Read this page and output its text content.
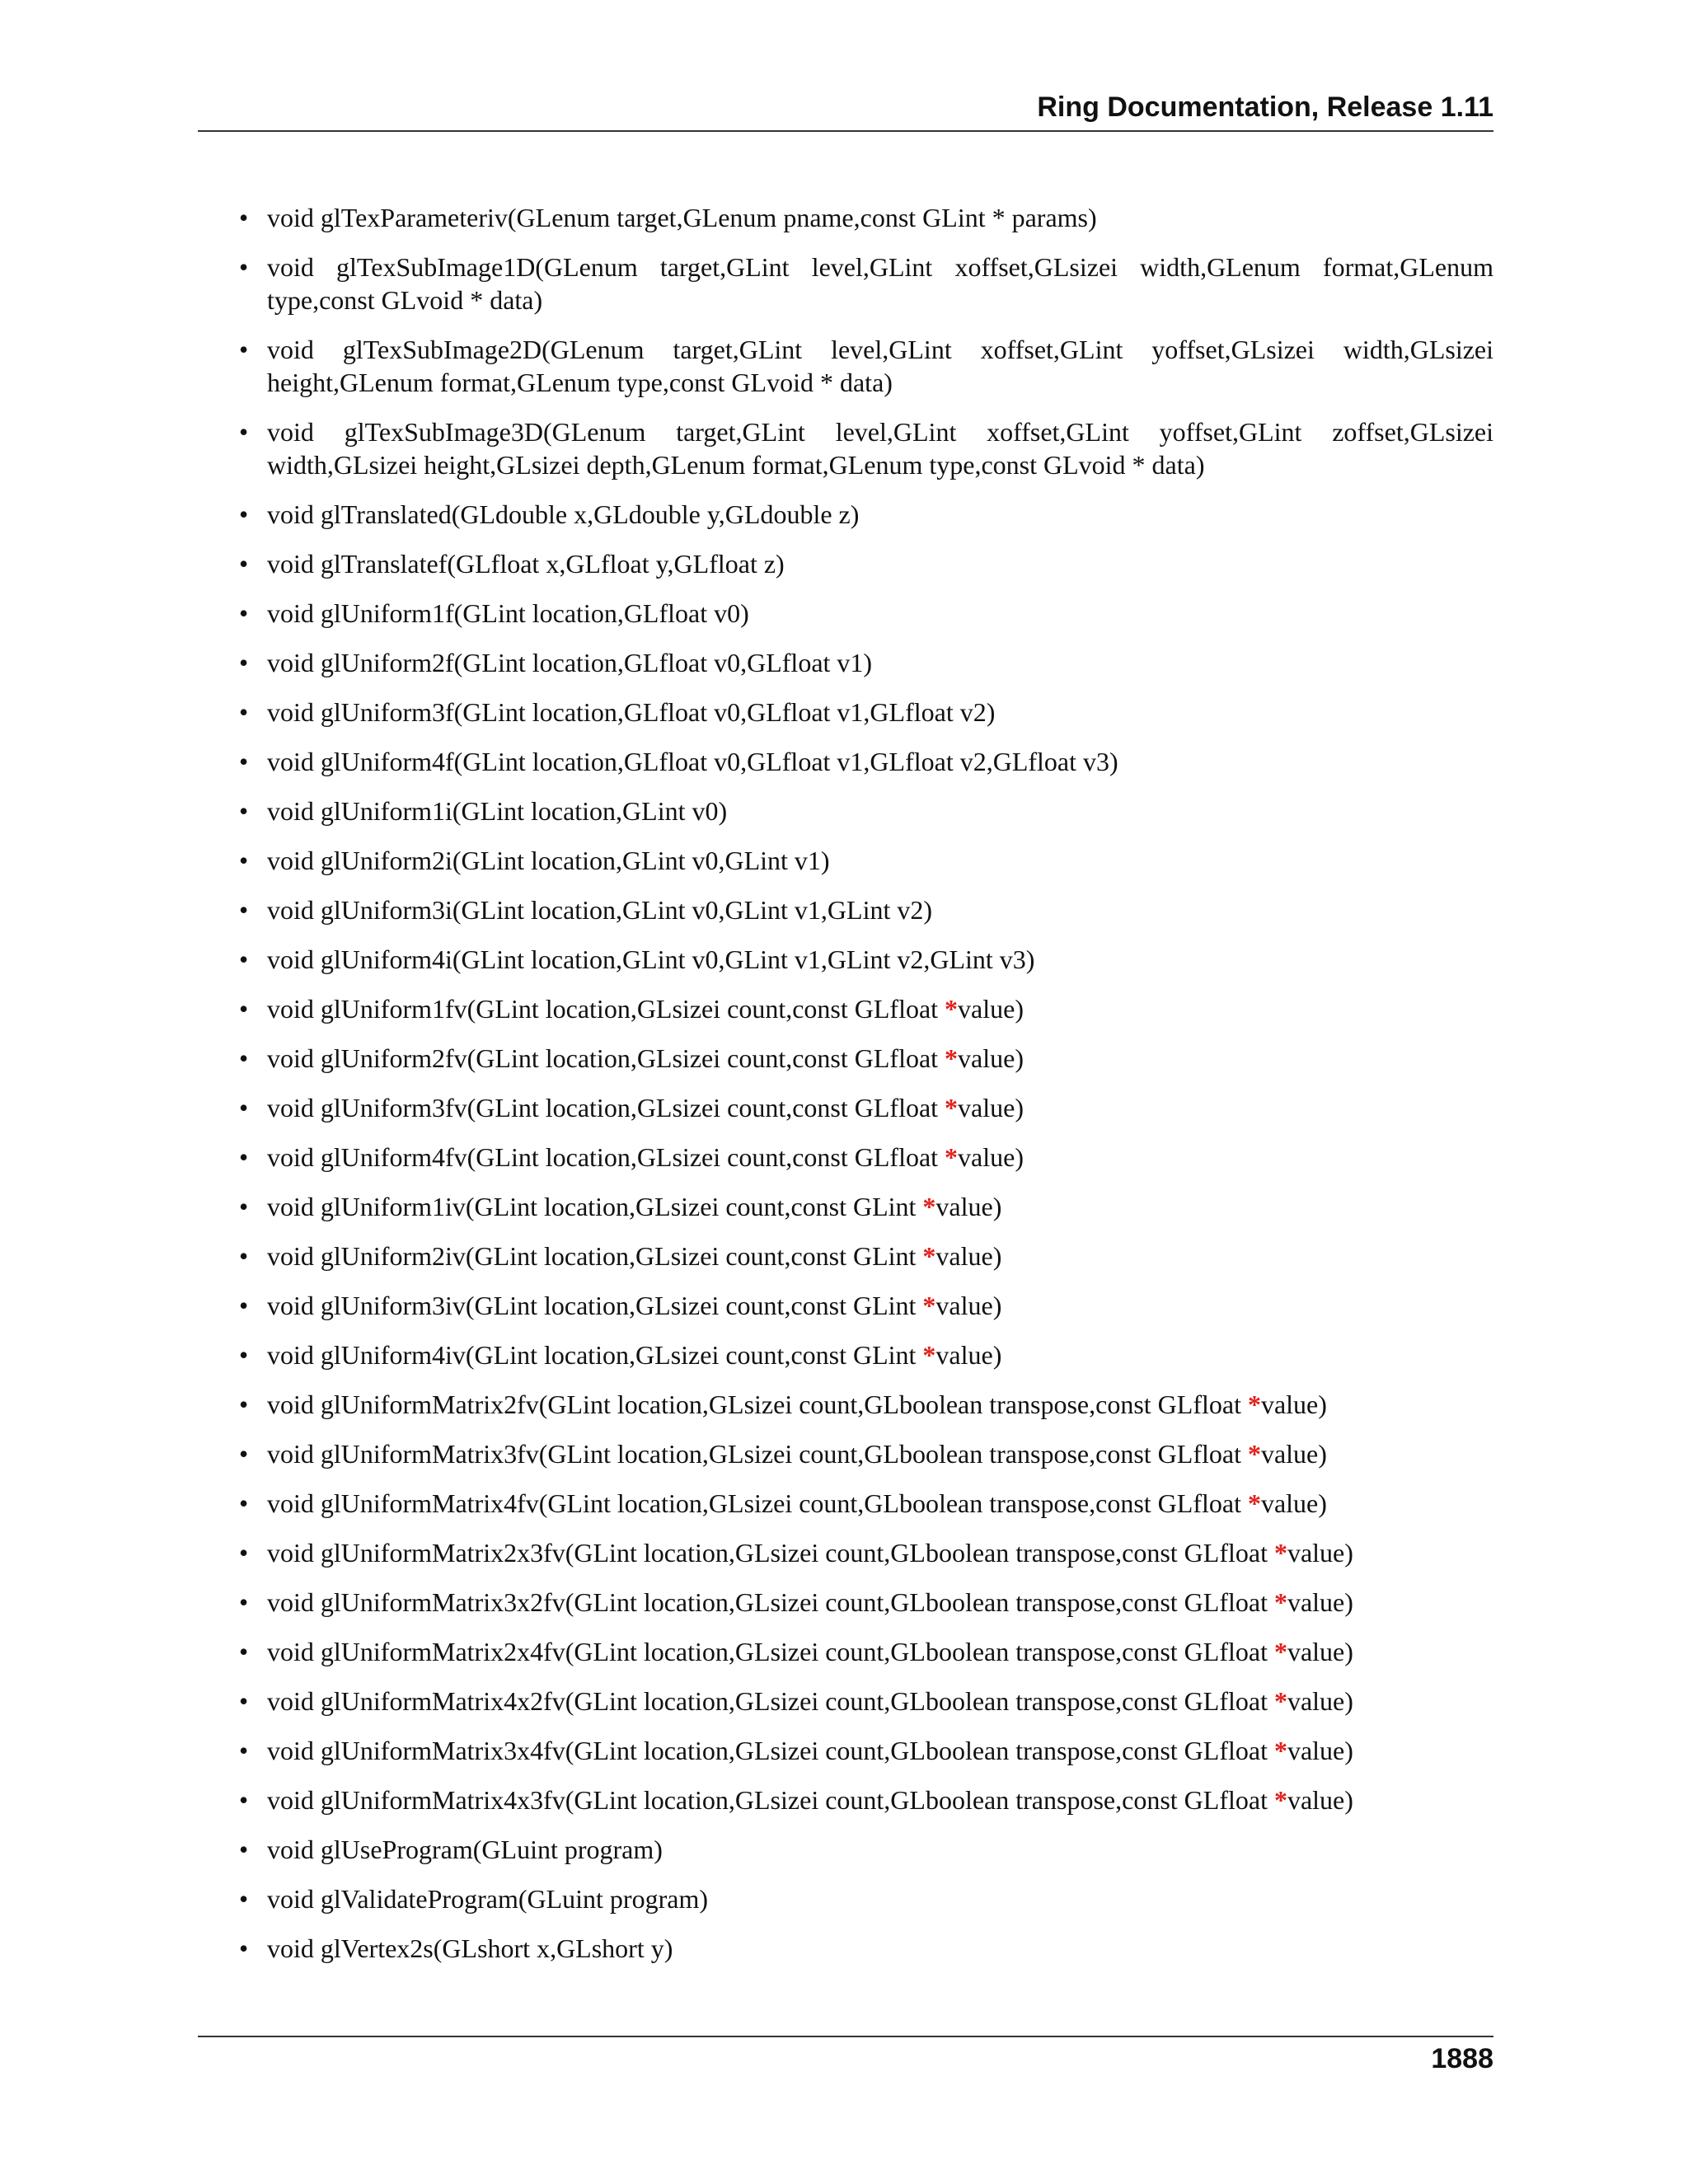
Ring Documentation, Release 1.11
• void glTexParameteriv(GLenum target,GLenum pname,const GLint * params)
• void glTexSubImage1D(GLenum target,GLint level,GLint xoffset,GLsizei width,GLenum format,GLenum type,const GLvoid * data)
• void glTexSubImage2D(GLenum target,GLint level,GLint xoffset,GLint yoffset,GLsizei width,GLsizei height,GLenum format,GLenum type,const GLvoid * data)
• void glTexSubImage3D(GLenum target,GLint level,GLint xoffset,GLint yoffset,GLint zoffset,GLsizei width,GLsizei height,GLsizei depth,GLenum format,GLenum type,const GLvoid * data)
• void glTranslated(GLdouble x,GLdouble y,GLdouble z)
• void glTranslatef(GLfloat x,GLfloat y,GLfloat z)
• void glUniform1f(GLint location,GLfloat v0)
• void glUniform2f(GLint location,GLfloat v0,GLfloat v1)
• void glUniform3f(GLint location,GLfloat v0,GLfloat v1,GLfloat v2)
• void glUniform4f(GLint location,GLfloat v0,GLfloat v1,GLfloat v2,GLfloat v3)
• void glUniform1i(GLint location,GLint v0)
• void glUniform2i(GLint location,GLint v0,GLint v1)
• void glUniform3i(GLint location,GLint v0,GLint v1,GLint v2)
• void glUniform4i(GLint location,GLint v0,GLint v1,GLint v2,GLint v3)
• void glUniform1fv(GLint location,GLsizei count,const GLfloat *value)
• void glUniform2fv(GLint location,GLsizei count,const GLfloat *value)
• void glUniform3fv(GLint location,GLsizei count,const GLfloat *value)
• void glUniform4fv(GLint location,GLsizei count,const GLfloat *value)
• void glUniform1iv(GLint location,GLsizei count,const GLint *value)
• void glUniform2iv(GLint location,GLsizei count,const GLint *value)
• void glUniform3iv(GLint location,GLsizei count,const GLint *value)
• void glUniform4iv(GLint location,GLsizei count,const GLint *value)
• void glUniformMatrix2fv(GLint location,GLsizei count,GLboolean transpose,const GLfloat *value)
• void glUniformMatrix3fv(GLint location,GLsizei count,GLboolean transpose,const GLfloat *value)
• void glUniformMatrix4fv(GLint location,GLsizei count,GLboolean transpose,const GLfloat *value)
• void glUniformMatrix2x3fv(GLint location,GLsizei count,GLboolean transpose,const GLfloat *value)
• void glUniformMatrix3x2fv(GLint location,GLsizei count,GLboolean transpose,const GLfloat *value)
• void glUniformMatrix2x4fv(GLint location,GLsizei count,GLboolean transpose,const GLfloat *value)
• void glUniformMatrix4x2fv(GLint location,GLsizei count,GLboolean transpose,const GLfloat *value)
• void glUniformMatrix3x4fv(GLint location,GLsizei count,GLboolean transpose,const GLfloat *value)
• void glUniformMatrix4x3fv(GLint location,GLsizei count,GLboolean transpose,const GLfloat *value)
• void glUseProgram(GLuint program)
• void glValidateProgram(GLuint program)
• void glVertex2s(GLshort x,GLshort y)
1888
